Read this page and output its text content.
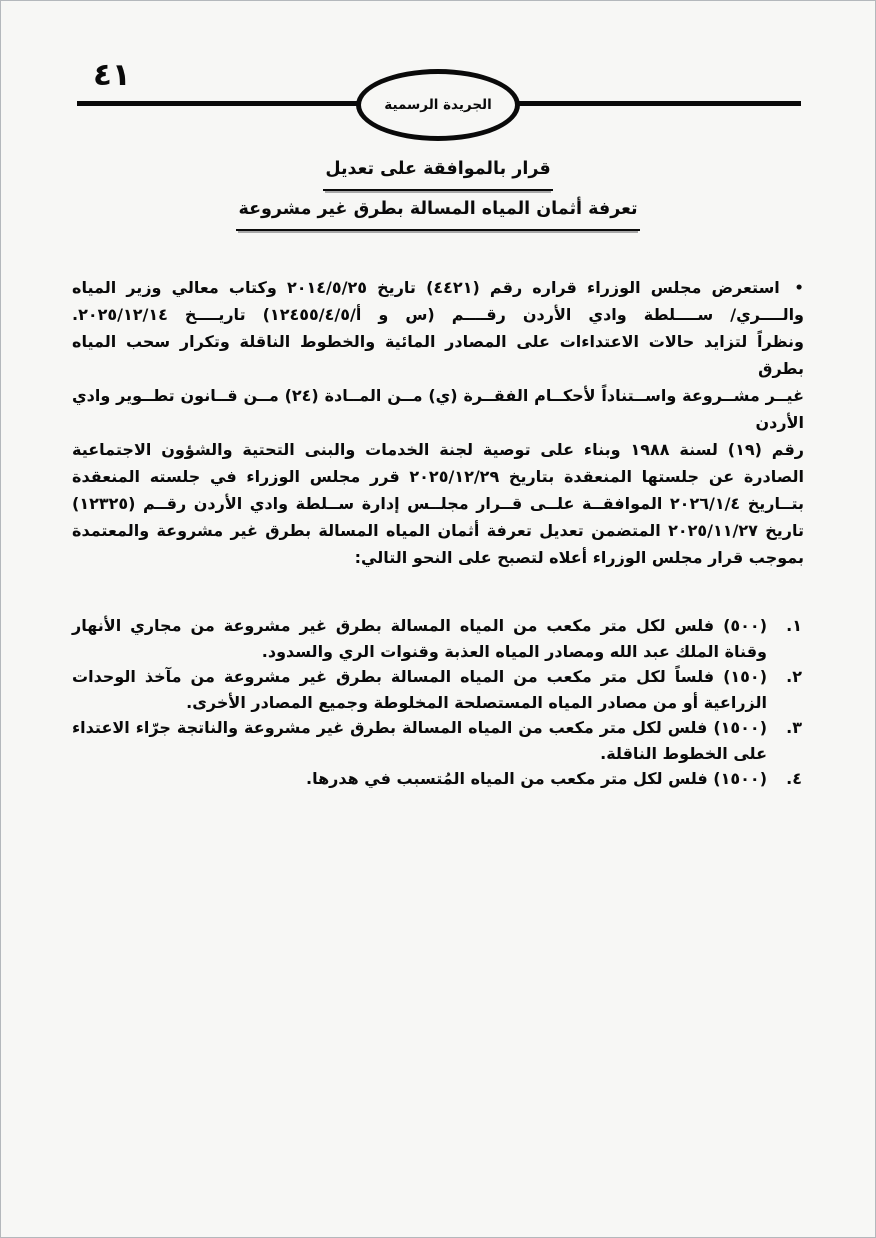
٤١
الجريدة الرسمية
قرار بالموافقة على تعديل
تعرفة أثمان المياه المسالة بطرق غير مشروعة
•استعرض مجلس الوزراء قراره رقم (٤٤٢١) تاريخ ٢٠١٤/٥/٢٥ وكتاب معالي وزير المياه
والــــري/ ســــلطة وادي الأردن رقــــم (س و أ/١٢٤٥٥/٤/٥) تاريــــخ ٢٠٢٥/١٢/١٤.
ونظراً لتزايد حالات الاعتداءات على المصادر المائية والخطوط الناقلة وتكرار سحب المياه بطرق
غيــر مشــروعة واســتناداً لأحكــام الفقــرة (ي) مــن المــادة (٢٤) مــن قــانون تطــوير وادي الأردن
رقم (١٩) لسنة ١٩٨٨ وبناء على توصية لجنة الخدمات والبنى التحتية والشؤون الاجتماعية
الصادرة عن جلستها المنعقدة بتاريخ ٢٠٢٥/١٢/٢٩ قرر مجلس الوزراء في جلسته المنعقدة
بتــاريخ ٢٠٢٦/١/٤ الموافقــة علــى قــرار مجلــس إدارة ســلطة وادي الأردن رقــم (١٢٣٢٥)
تاريخ ٢٠٢٥/١١/٢٧ المتضمن تعديل تعرفة أثمان المياه المسالة بطرق غير مشروعة والمعتمدة
بموجب قرار مجلس الوزراء أعلاه لتصبح على النحو التالي:
١.
(٥٠٠) فلس لكل متر مكعب من المياه المسالة بطرق غير مشروعة من مجاري الأنهار
وقناة الملك عبد الله ومصادر المياه العذبة وقنوات الري والسدود.
٢.
(١٥٠) فلساً لكل متر مكعب من المياه المسالة بطرق غير مشروعة من مآخذ الوحدات
الزراعية أو من مصادر المياه المستصلحة المخلوطة وجميع المصادر الأخرى.
٣.
(١٥٠٠) فلس لكل متر مكعب من المياه المسالة بطرق غير مشروعة والناتجة جرّاء الاعتداء
على الخطوط الناقلة.
٤.
(١٥٠٠) فلس لكل متر مكعب من المياه المُتسبب في هدرها.
